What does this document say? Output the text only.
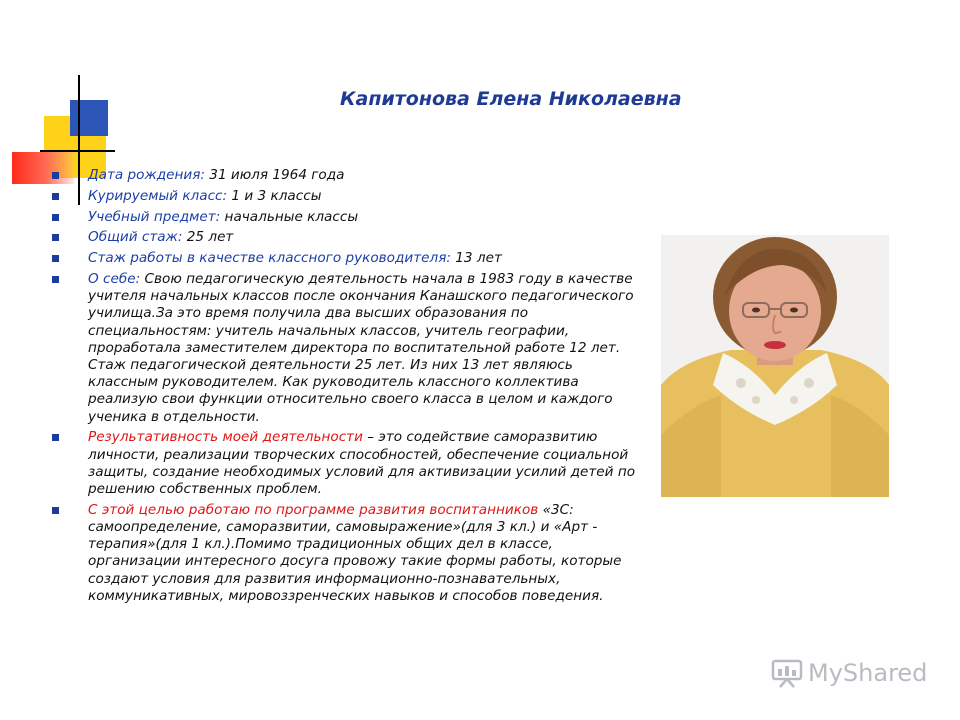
Капитонова Елена Николаевна
Дата рождения: 31 июля 1964 года
Курируемый класс: 1 и 3 классы
Учебный предмет: начальные классы
Общий стаж: 25 лет
Стаж работы в качестве классного руководителя: 13 лет
О себе: Свою педагогическую деятельность начала в 1983 году в качестве учителя начальных классов после окончания Канашского педагогического училища.За это время получила два высших образования по специальностям: учитель начальных классов, учитель географии, проработала заместителем директора по воспитательной работе 12 лет. Стаж педагогической деятельности 25 лет. Из них 13 лет являюсь классным руководителем. Как руководитель классного коллектива реализую свои функции относительно своего класса в целом и каждого ученика в отдельности.
Результативность моей деятельности – это содействие саморазвитию личности, реализации творческих способностей, обеспечение социальной защиты, создание необходимых условий для активизации усилий детей по решению собственных проблем.
С этой целью работаю по программе развития воспитанников «3С: самоопределение, саморазвитии, самовыражение»(для 3 кл.) и «Арт - терапия»(для 1 кл.).Помимо традиционных общих дел в классе, организации интересного досуга провожу такие формы работы, которые создают условия для развития информационно-познавательных, коммуникативных, мировоззренческих навыков и способов поведения.
MyShared
